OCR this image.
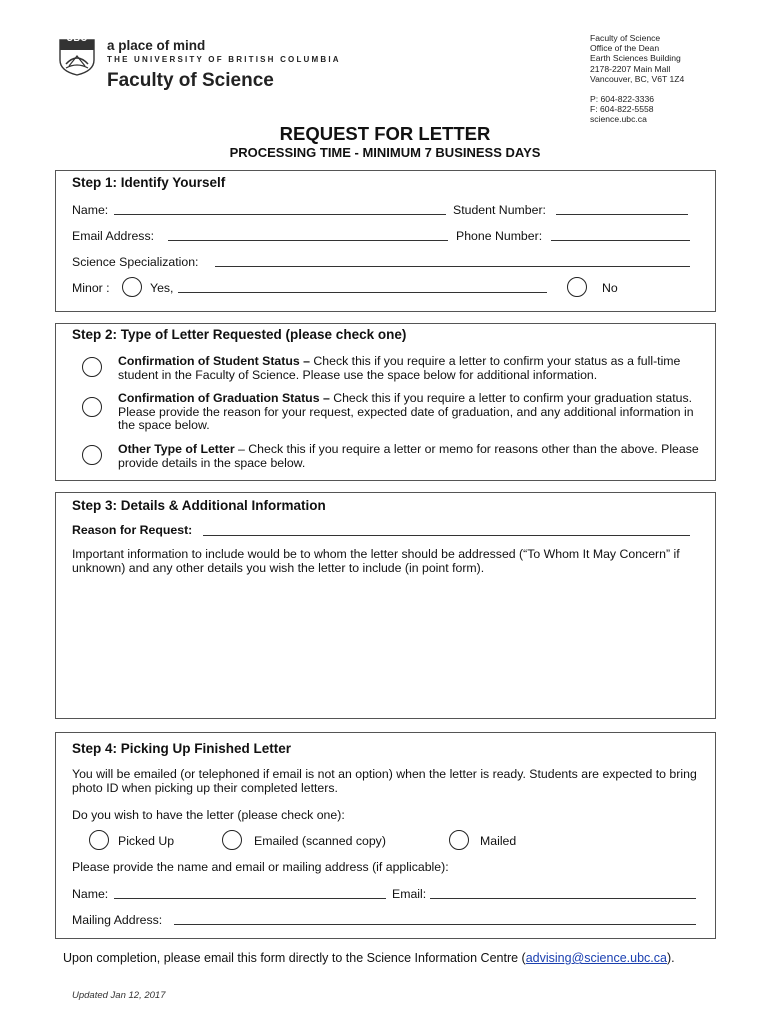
UBC	a place of mind
THE UNIVERSITY OF BRITISH COLUMBIA
Faculty of Science
Faculty of Science
Office of the Dean
Earth Sciences Building
2178-2207 Main Mall
Vancouver, BC, V6T 1Z4
P: 604-822-3336
F: 604-822-5558
science.ubc.ca
REQUEST FOR LETTER
PROCESSING TIME - MINIMUM 7 BUSINESS DAYS
Step 1: Identify Yourself
Name:	Student Number:
Email Address:	Phone Number:
Science Specialization:
Minor :	Yes,	No
Step 2: Type of Letter Requested (please check one)
Confirmation of Student Status – Check this if you require a letter to confirm your status as a full-time student in the Faculty of Science. Please use the space below for additional information.
Confirmation of Graduation Status – Check this if you require a letter to confirm your graduation status. Please provide the reason for your request, expected date of graduation, and any additional information in the space below.
Other Type of Letter – Check this if you require a letter or memo for reasons other than the above. Please provide details in the space below.
Step 3: Details & Additional Information
Reason for Request:
Important information to include would be to whom the letter should be addressed (“To Whom It May Concern” if unknown) and any other details you wish the letter to include (in point form).
Step 4: Picking Up Finished Letter
You will be emailed (or telephoned if email is not an option) when the letter is ready. Students are expected to bring photo ID when picking up their completed letters.
Do you wish to have the letter (please check one):
Picked Up	Emailed (scanned copy)	Mailed
Please provide the name and email or mailing address (if applicable):
Name:	Email:
Mailing Address:
Upon completion, please email this form directly to the Science Information Centre (advising@science.ubc.ca).
Updated Jan 12, 2017
